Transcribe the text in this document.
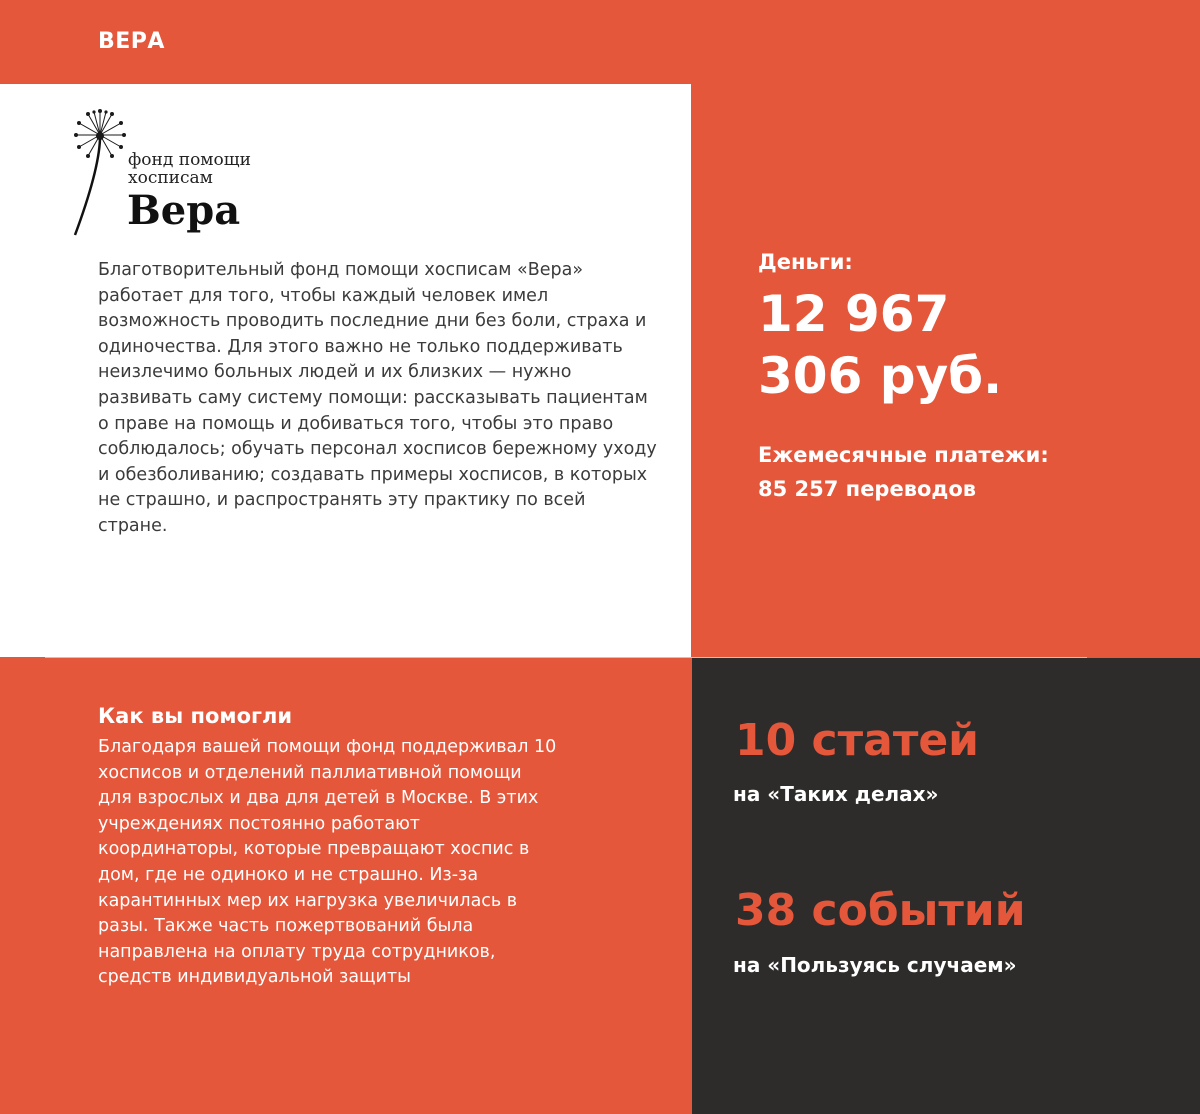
ВЕРА
фонд помощи
хосписам
Вера

Благотворительный фонд помощи хосписам «Вера» работает для того, чтобы каждый человек имел возможность проводить последние дни без боли, страха и одиночества. Для этого важно не только поддерживать неизлечимо больных людей и их близких — нужно развивать саму систему помощи: рассказывать пациентам о праве на помощь и добиваться того, чтобы это право соблюдалось; обучать персонал хосписов бережному уходу и обезболиванию; создавать примеры хосписов, в которых не страшно, и распространять эту практику по всей стране.

Деньги:
12 967 306 руб.
Ежемесячные платежи:
85 257 переводов
Как вы помогли

Благодаря вашей помощи фонд поддерживал 10 хосписов и отделений паллиативной помощи для взрослых и два для детей в Москве. В этих учреждениях постоянно работают координаторы, которые превращают хоспис в дом, где не одиноко и не страшно. Из-за карантинных мер их нагрузка увеличилась в разы. Также часть пожертвований была направлена на оплату труда сотрудников, средств индивидуальной защиты

10 статей
на «Таких делах»
38 событий
на «Пользуясь случаем»
